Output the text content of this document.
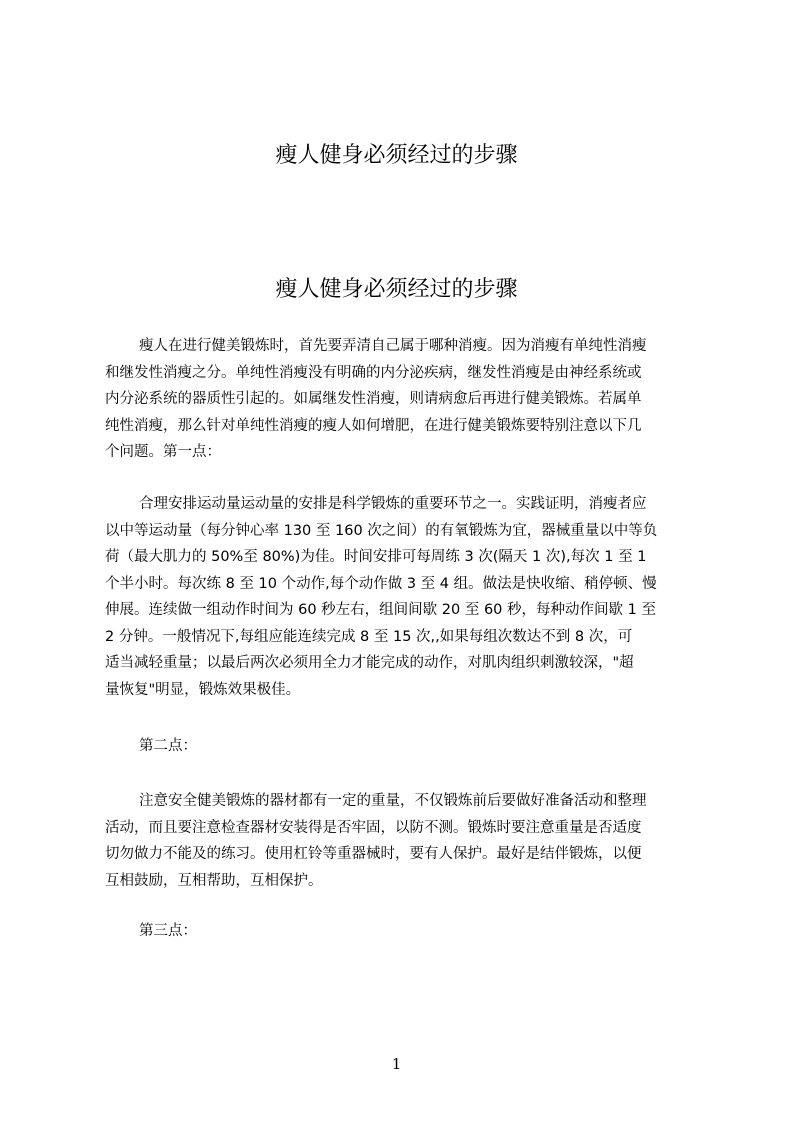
瘦人健身必须经过的步骤
瘦人健身必须经过的步骤
瘦人在进行健美锻炼时，首先要弄清自己属于哪种消瘦。因为消瘦有单纯性消瘦
和继发性消瘦之分。单纯性消瘦没有明确的内分泌疾病，继发性消瘦是由神经系统或
内分泌系统的器质性引起的。如属继发性消瘦，则请病愈后再进行健美锻炼。若属单
纯性消瘦，那么针对单纯性消瘦的瘦人如何增肥，在进行健美锻炼要特别注意以下几
个问题。第一点：
合理安排运动量运动量的安排是科学锻炼的重要环节之一。实践证明，消瘦者应
以中等运动量（每分钟心率 130 至 160 次之间）的有氧锻炼为宜，器械重量以中等负
荷（最大肌力的 50%至 80%)为佳。时间安排可每周练 3 次(隔天 1 次),每次 1 至 1
个半小时。每次练 8 至 10 个动作,每个动作做 3 至 4 组。做法是快收缩、稍停顿、慢
伸展。连续做一组动作时间为 60 秒左右，组间间歇 20 至 60 秒，每种动作间歇 1 至
2 分钟。一般情况下,每组应能连续完成 8 至 15 次,,如果每组次数达不到 8 次，可
适当减轻重量；以最后两次必须用全力才能完成的动作，对肌肉组织刺激较深，"超
量恢复"明显，锻炼效果极佳。
第二点：
注意安全健美锻炼的器材都有一定的重量，不仅锻炼前后要做好准备活动和整理
活动，而且要注意检查器材安装得是否牢固，以防不测。锻炼时要注意重量是否适度
切勿做力不能及的练习。使用杠铃等重器械时，要有人保护。最好是结伴锻炼，以便
互相鼓励，互相帮助，互相保护。
第三点：
1
